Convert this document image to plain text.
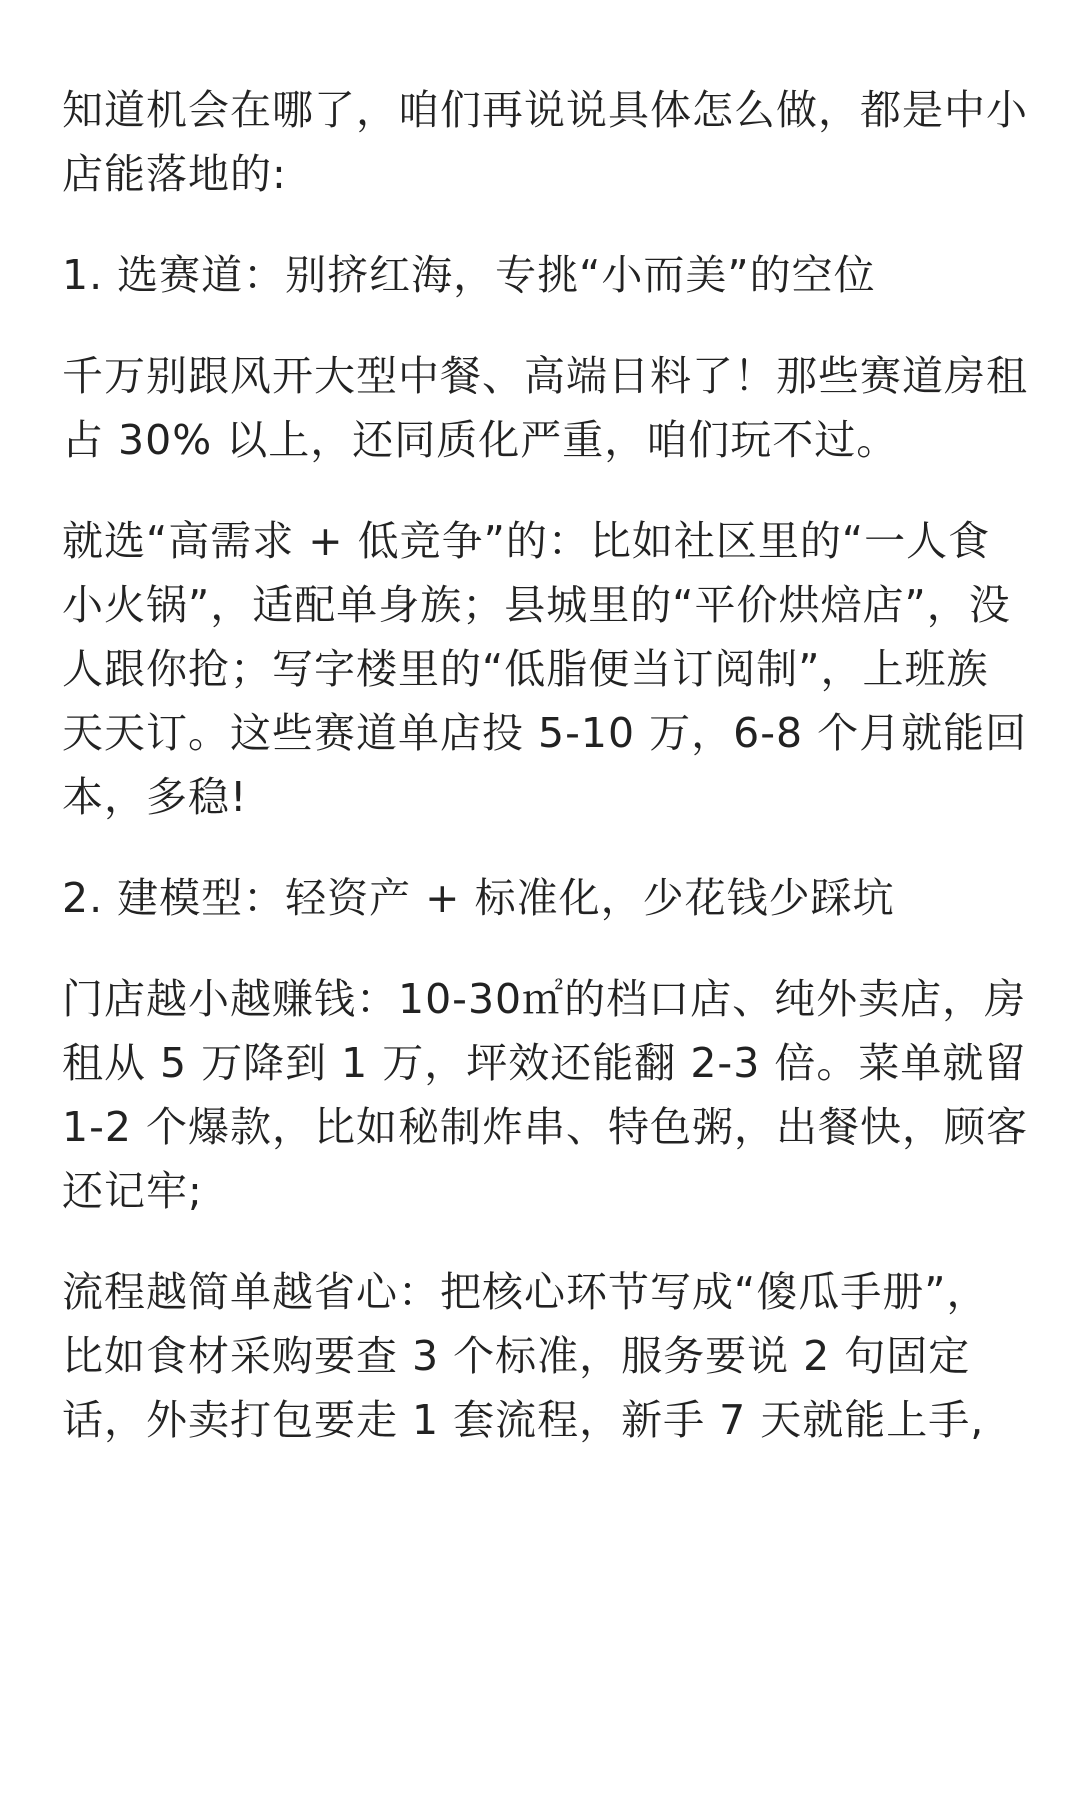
知道机会在哪了，咱们再说说具体怎么做，都是中小店能落地的:

1. 选赛道：别挤红海，专挑“小而美”的空位

千万别跟风开大型中餐、高端日料了！那些赛道房租占 30% 以上，还同质化严重，咱们玩不过。

就选“高需求 + 低竞争”的：比如社区里的“一人食小火锅”，适配单身族；县城里的“平价烘焙店”，没人跟你抢；写字楼里的“低脂便当订阅制”，上班族天天订。这些赛道单店投 5-10 万，6-8 个月就能回本，多稳!

2. 建模型：轻资产 + 标准化，少花钱少踩坑

门店越小越赚钱：10-30㎡的档口店、纯外卖店，房租从 5 万降到 1 万，坪效还能翻 2-3 倍。菜单就留 1-2 个爆款，比如秘制炸串、特色粥，出餐快，顾客还记牢;

流程越简单越省心：把核心环节写成“傻瓜手册”，比如食材采购要查 3 个标准，服务要说 2 句固定话，外卖打包要走 1 套流程，新手 7 天就能上手,
